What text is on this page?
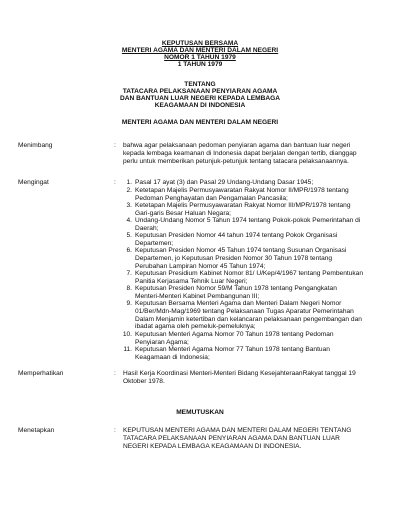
KEPUTUSAN BERSAMA
MENTERI AGAMA DAN MENTERI DALAM NEGERI
NOMOR 1 TAHUN 1979
1 TAHUN 1979
TENTANG
TATACARA PELAKSANAAN PENYIARAN AGAMA
DAN BANTUAN LUAR NEGERI KEPADA LEMBAGA
KEAGAMAAN DI INDONESIA
MENTERI AGAMA DAN MENTERI DALAM NEGERI
Menimbang	: bahwa agar pelaksanaan pedoman penyiaran agama dan bantuan luar negeri
kepada lembaga keamanan di Indonesia dapat berjalan dengan tertib, dianggap
perlu untuk memberikan petunjuk-petunjuk tentang tatacara pelaksanaannya.
Mengingat	:	1. Pasal 17 ayat (3) dan Pasal 29 Undang-Undang Dasar 1945;
2. Ketetapan Majelis Permusyawaratan Rakyat Nomor II/MPR/1978 tentang
Pedoman Penghayatan dan Pengamalan Pancasila;
3. Ketetapan Majelis Permusyawaratan Rakyat Nomor III/MPR/1978 tentang
Gari-garis Besar Haluan Negara;
4. Undang-Undang Nomor 5 Tahun 1974 tentang Pokok-pokok Pemerintahan di
Daerah;
5. Keputusan Presiden Nomor 44 tahun 1974 tentang Pokok Organisasi
Departemen;
6. Keputusan Presiden Nomor 45 Tahun 1974 tentang Susunan Organisasi
Departemen, jo Keputusan Presiden Nomor 30 Tahun 1978 tentang
Perubahan Lampiran Nomor 45 Tahun 1974;
7. Keputusan Presidium Kabinet Nomor 81/ U/Kep/4/1967 tentang Pembentukan
Panitia Kerjasama Tehnik Luar Negeri;
8. Keputusan Presiden Nomor 59/M Tahun 1978 tentang Pengangkatan
Menteri-Menteri Kabinet Pembangunan III;
9. Keputusan Bersama Menteri Agama dan Menteri Dalam Negeri Nomor
01/Ber/Mdn-Mag/1969 tentang Pelaksanaan Tugas Aparatur Pemerintahan
Dalam Menjamin ketertiban dan kelancaran pelaksanaan pengembangan dan
ibadat agama oleh pemeluk-pemeluknya;
10. Keputusan Menteri Agama Nomor 70 Tahun 1978 tentang Pedoman
Penyiaran Agama;
11. Keputusan Menteri Agama Nomor 77 Tahun 1978 tentang Bantuan
Keagamaan di Indonesia;
Memperhatikan	: Hasil Kerja Koordinasi Menteri-Menteri Bidang KesejahteraanRakyat tanggal 19
Oktober 1978.
MEMUTUSKAN
Menetapkan	: KEPUTUSAN MENTERI AGAMA DAN MENTERI DALAM NEGERI TENTANG
TATACARA PELAKSANAAN PENYIARAN AGAMA DAN BANTUAN LUAR
NEGERI KEPADA LEMBAGA KEAGAMAAN DI INDONESIA.
